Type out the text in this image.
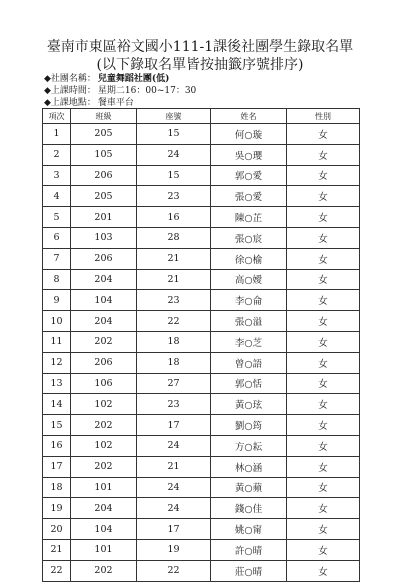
臺南市東區裕文國小111-1課後社團學生錄取名單
(以下錄取名單皆按抽籤序號排序)
◆社團名稱： 兒童舞蹈社團(低)
◆上課時間： 星期二16：00~17：30
◆上課地點： 餐車平台
項次	班級	座號	姓名	性別
1	205	15	何○璇	女
2	105	24	吳○瓔	女
3	206	15	郭○愛	女
4	205	23	張○愛	女
5	201	16	陳○芷	女
6	103	28	張○宸	女
7	206	21	徐○榆	女
8	204	21	高○嬡	女
9	104	23	李○侖	女
10	204	22	張○溢	女
11	202	18	李○芝	女
12	206	18	曾○語	女
13	106	27	郭○恬	女
14	102	23	黃○玹	女
15	202	17	劉○筠	女
16	102	24	方○耘	女
17	202	21	林○涵	女
18	101	24	黃○蘋	女
19	204	24	錢○佳	女
20	104	17	姚○甯	女
21	101	19	許○晴	女
22	202	22	莊○晴	女
